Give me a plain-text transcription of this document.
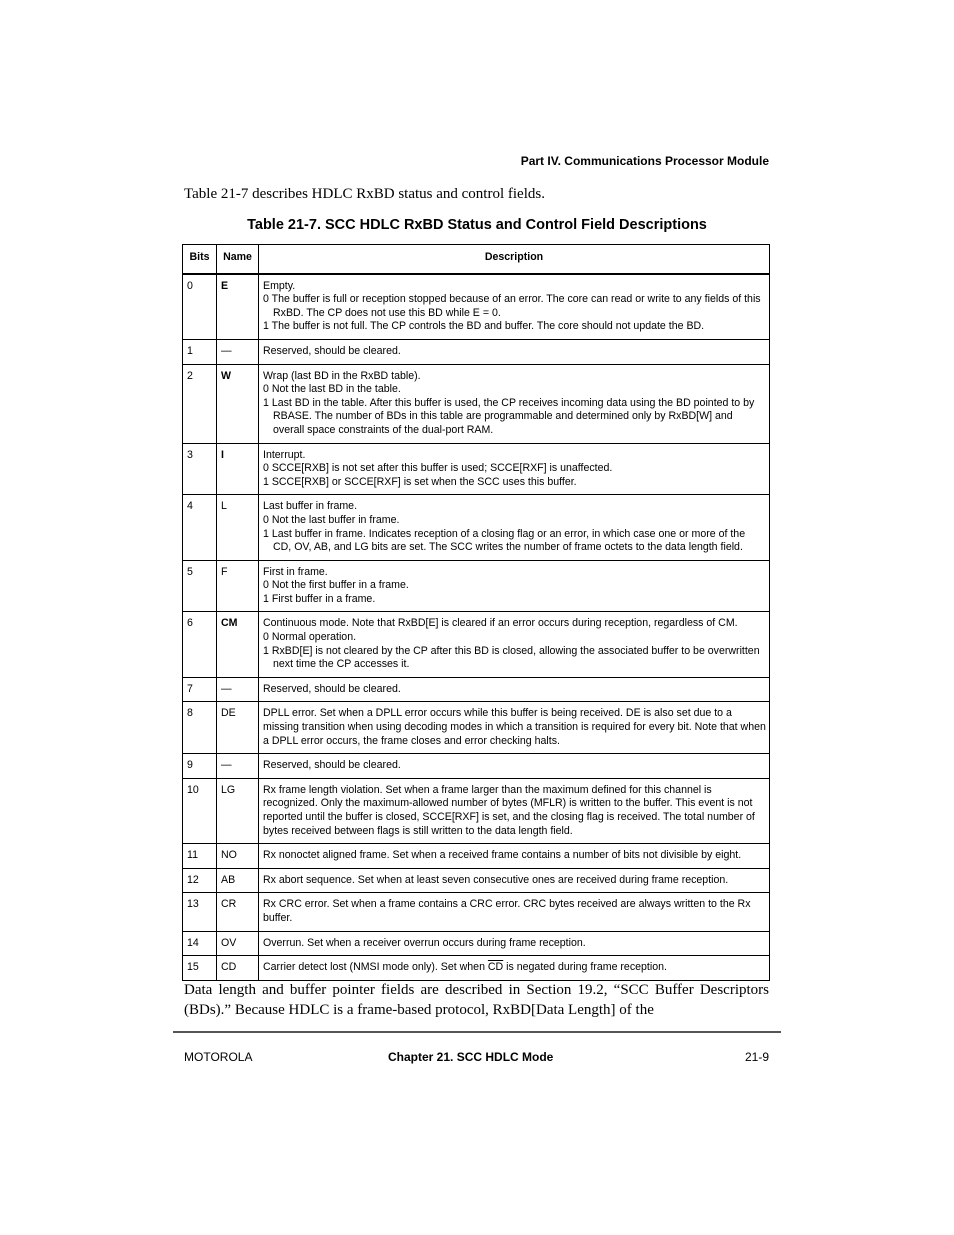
Part IV. Communications Processor Module
Table 21-7 describes HDLC RxBD status and control fields.
Table 21-7. SCC HDLC RxBD Status and Control Field Descriptions
Bits	Name	Description
0	E	Empty.
0 The buffer is full or reception stopped because of an error. The core can read or write to any fields of this RxBD. The CP does not use this BD while E = 0.
1 The buffer is not full. The CP controls the BD and buffer. The core should not update the BD.

1	—	Reserved, should be cleared.

2	W	Wrap (last BD in the RxBD table).
0 Not the last BD in the table.
1 Last BD in the table. After this buffer is used, the CP receives incoming data using the BD pointed to by RBASE. The number of BDs in this table are programmable and determined only by RxBD[W] and overall space constraints of the dual-port RAM.

3	I	Interrupt.
0 SCCE[RXB] is not set after this buffer is used; SCCE[RXF] is unaffected.
1 SCCE[RXB] or SCCE[RXF] is set when the SCC uses this buffer.

4	L	Last buffer in frame.
0 Not the last buffer in frame.
1 Last buffer in frame. Indicates reception of a closing flag or an error, in which case one or more of the CD, OV, AB, and LG bits are set. The SCC writes the number of frame octets to the data length field.

5	F	First in frame.
0 Not the first buffer in a frame.
1 First buffer in a frame.

6	CM	Continuous mode. Note that RxBD[E] is cleared if an error occurs during reception, regardless of CM.
0 Normal operation.
1 RxBD[E] is not cleared by the CP after this BD is closed, allowing the associated buffer to be overwritten next time the CP accesses it.

7	—	Reserved, should be cleared.

8	DE	DPLL error. Set when a DPLL error occurs while this buffer is being received. DE is also set due to a missing transition when using decoding modes in which a transition is required for every bit. Note that when a DPLL error occurs, the frame closes and error checking halts.

9	—	Reserved, should be cleared.

10	LG	Rx frame length violation. Set when a frame larger than the maximum defined for this channel is recognized. Only the maximum-allowed number of bytes (MFLR) is written to the buffer. This event is not reported until the buffer is closed, SCCE[RXF] is set, and the closing flag is received. The total number of bytes received between flags is still written to the data length field.

11	NO	Rx nonoctet aligned frame. Set when a received frame contains a number of bits not divisible by eight.

12	AB	Rx abort sequence. Set when at least seven consecutive ones are received during frame reception.

13	CR	Rx CRC error. Set when a frame contains a CRC error. CRC bytes received are always written to the Rx buffer.

14	OV	Overrun. Set when a receiver overrun occurs during frame reception.

15	CD	Carrier detect lost (NMSI mode only). Set when $\overline{CD}$ is negated during frame reception.
Data length and buffer pointer fields are described in Section 19.2, “SCC Buffer Descriptors (BDs).” Because HDLC is a frame-based protocol, RxBD[Data Length] of the
MOTOROLA	Chapter 21. SCC HDLC Mode	21-9
